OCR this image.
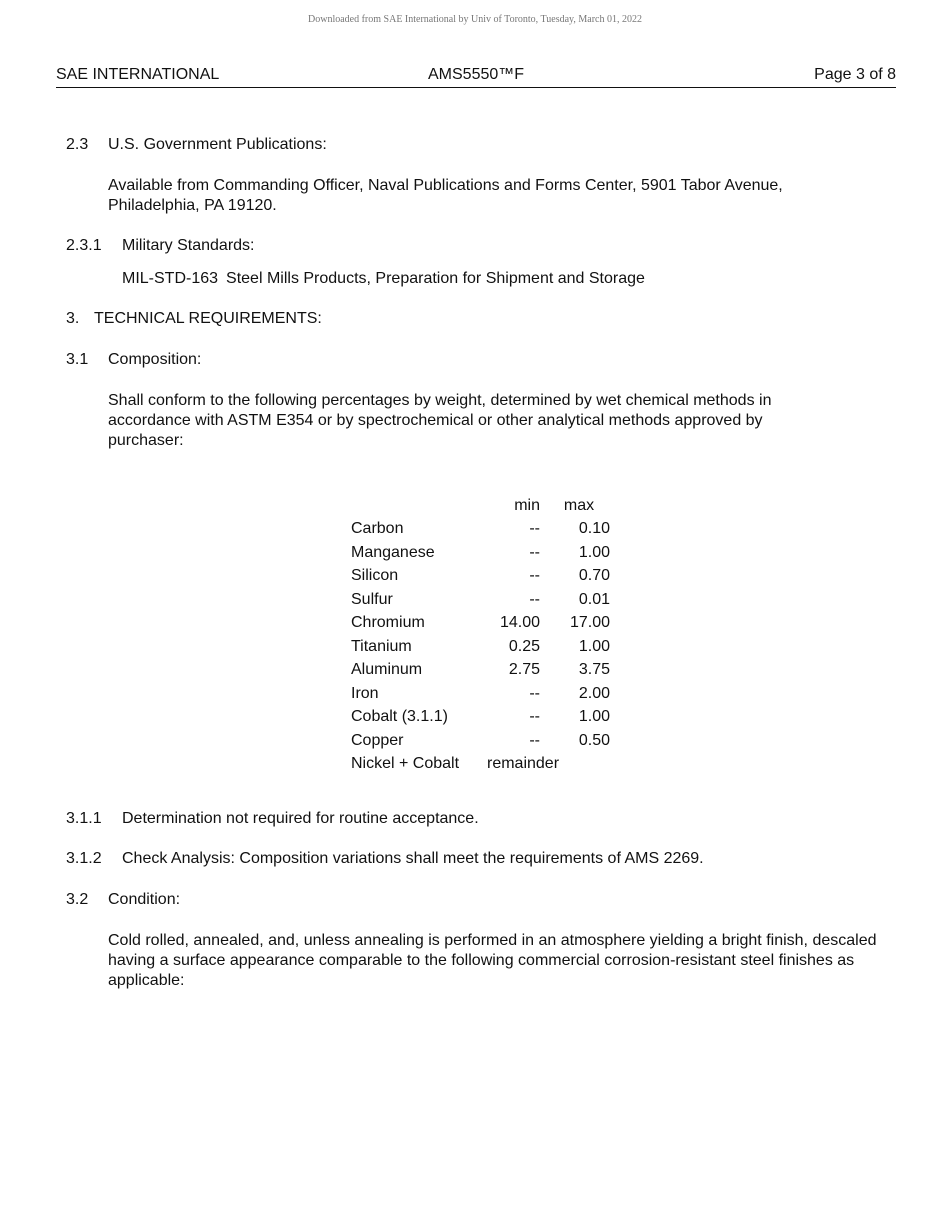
Downloaded from SAE International by Univ of Toronto, Tuesday, March 01, 2022
SAE INTERNATIONAL	AMS5550™F	Page 3 of 8
2.3 U.S. Government Publications:
Available from Commanding Officer, Naval Publications and Forms Center, 5901 Tabor Avenue, Philadelphia, PA 19120.
2.3.1 Military Standards:
MIL-STD-163 Steel Mills Products, Preparation for Shipment and Storage
3. TECHNICAL REQUIREMENTS:
3.1 Composition:
Shall conform to the following percentages by weight, determined by wet chemical methods in accordance with ASTM E354 or by spectrochemical or other analytical methods approved by purchaser:
	min	max
Carbon	--	0.10
Manganese	--	1.00
Silicon	--	0.70
Sulfur	--	0.01
Chromium	14.00	17.00
Titanium	0.25	1.00
Aluminum	2.75	3.75
Iron	--	2.00
Cobalt (3.1.1)	--	1.00
Copper	--	0.50
Nickel + Cobalt	remainder	
3.1.1 Determination not required for routine acceptance.
3.1.2 Check Analysis: Composition variations shall meet the requirements of AMS 2269.
3.2 Condition:
Cold rolled, annealed, and, unless annealing is performed in an atmosphere yielding a bright finish, descaled having a surface appearance comparable to the following commercial corrosion-resistant steel finishes as applicable:
